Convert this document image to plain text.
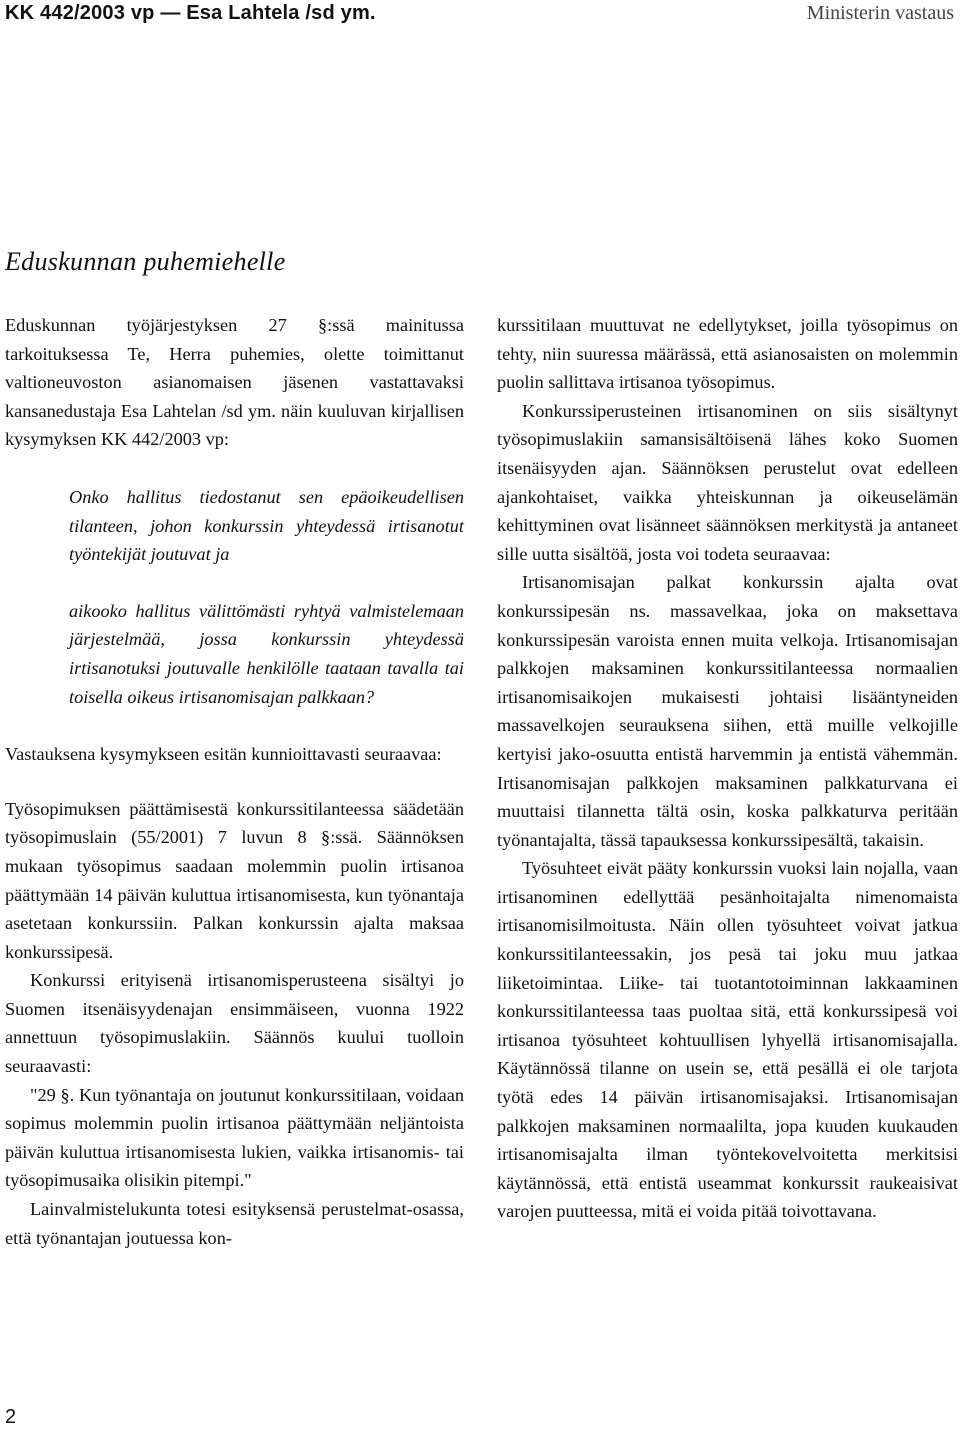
KK 442/2003 vp — Esa Lahtela /sd ym.	Ministerin vastaus
Eduskunnan puhemiehelle

Eduskunnan työjärjestyksen 27 §:ssä mainitussa tarkoituksessa Te, Herra puhemies, olette toimittanut valtioneuvoston asianomaisen jäsenen vastattavaksi kansanedustaja Esa Lahtelan /sd ym. näin kuuluvan kirjallisen kysymyksen KK 442/2003 vp:

Onko hallitus tiedostanut sen epäoikeudellisen tilanteen, johon konkurssin yhteydessä irtisanotut työntekijät joutuvat ja

aikooko hallitus välittömästi ryhtyä valmistelemaan järjestelmää, jossa konkurssin yhteydessä irtisanotuksi joutuvalle henkilölle taataan tavalla tai toisella oikeus irtisanomisajan palkkaan?

Vastauksena kysymykseen esitän kunnioittavasti seuraavaa:

Työsopimuksen päättämisestä konkurssitilanteessa säädetään työsopimuslain (55/2001) 7 luvun 8 §:ssä. Säännöksen mukaan työsopimus saadaan molemmin puolin irtisanoa päättymään 14 päivän kuluttua irtisanomisesta, kun työnantaja asetetaan konkurssiin. Palkan konkurssin ajalta maksaa konkurssipesä.

Konkurssi erityisenä irtisanomisperusteena sisältyi jo Suomen itsenäisyydenajan ensimmäiseen, vuonna 1922 annettuun työsopimuslakiin. Säännös kuului tuolloin seuraavasti:

"29 §. Kun työnantaja on joutunut konkurssitilaan, voidaan sopimus molemmin puolin irtisanoa päättymään neljäntoista päivän kuluttua irtisanomisesta lukien, vaikka irtisanomis- tai työsopimusaika olisikin pitempi."

Lainvalmistelukunta totesi esityksensä perustelmat-osassa, että työnantajan joutuessa kon-

kurssitilaan muuttuvat ne edellytykset, joilla työsopimus on tehty, niin suuressa määrässä, että asianosaisten on molemmin puolin sallittava irtisanoa työsopimus.

Konkurssiperusteinen irtisanominen on siis sisältynyt työsopimuslakiin samansisältöisenä lähes koko Suomen itsenäisyyden ajan. Säännöksen perustelut ovat edelleen ajankohtaiset, vaikka yhteiskunnan ja oikeuselämän kehittyminen ovat lisänneet säännöksen merkitystä ja antaneet sille uutta sisältöä, josta voi todeta seuraavaa:

Irtisanomisajan palkat konkurssin ajalta ovat konkurssipesän ns. massavelkaa, joka on maksettava konkurssipesän varoista ennen muita velkoja. Irtisanomisajan palkkojen maksaminen konkurssitilanteessa normaalien irtisanomisaikojen mukaisesti johtaisi lisääntyneiden massavelkojen seurauksena siihen, että muille velkojille kertyisi jako-osuutta entistä harvemmin ja entistä vähemmän. Irtisanomisajan palkkojen maksaminen palkkaturvana ei muuttaisi tilannetta tältä osin, koska palkkaturva peritään työnantajalta, tässä tapauksessa konkurssipesältä, takaisin.

Työsuhteet eivät pääty konkurssin vuoksi lain nojalla, vaan irtisanominen edellyttää pesänhoitajalta nimenomaista irtisanomisilmoitusta. Näin ollen työsuhteet voivat jatkua konkurssitilanteessakin, jos pesä tai joku muu jatkaa liiketoimintaa. Liike- tai tuotantotoiminnan lakkaaminen konkurssitilanteessa taas puoltaa sitä, että konkurssipesä voi irtisanoa työsuhteet kohtuullisen lyhyellä irtisanomisajalla. Käytännössä tilanne on usein se, että pesällä ei ole tarjota työtä edes 14 päivän irtisanomisajaksi. Irtisanomisajan palkkojen maksaminen normaalilta, jopa kuuden kuukauden irtisanomisajalta ilman työntekovelvoitetta merkitsisi käytännössä, että entistä useammat konkurssit raukeaisivat varojen puutteessa, mitä ei voida pitää toivottavana.

2
